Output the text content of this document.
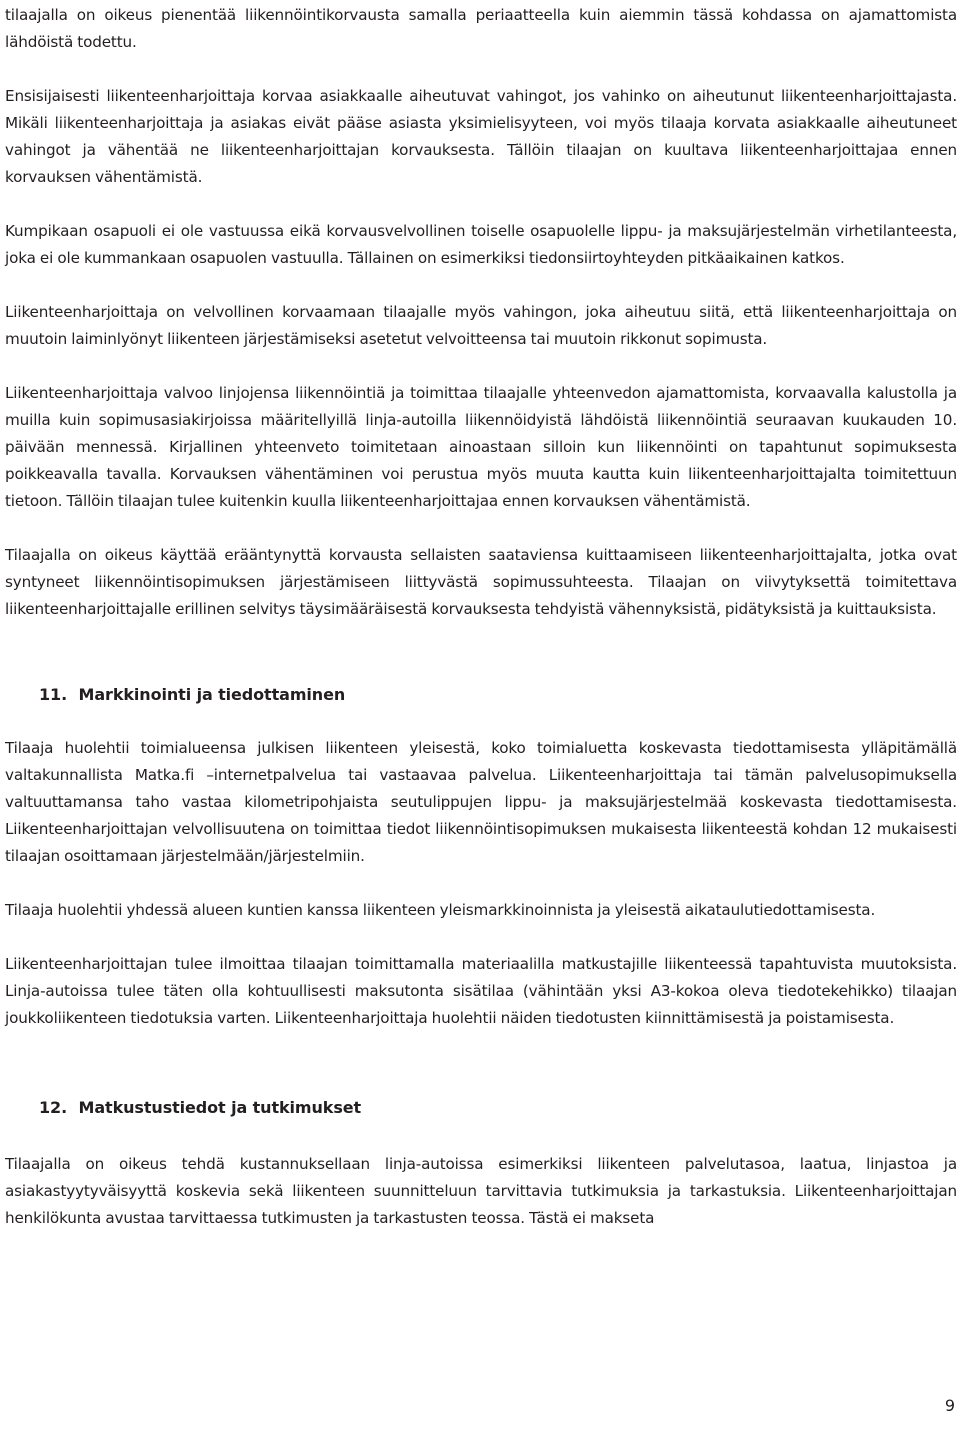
tilaajalla on oikeus pienentää liikennöintikorvausta samalla periaatteella kuin aiemmin tässä kohdassa on ajamattomista lähdöistä todettu.

Ensisijaisesti liikenteenharjoittaja korvaa asiakkaalle aiheutuvat vahingot, jos vahinko on aiheutunut liikenteenharjoittajasta. Mikäli liikenteenharjoittaja ja asiakas eivät pääse asiasta yksimielisyyteen, voi myös tilaaja korvata asiakkaalle aiheutuneet vahingot ja vähentää ne liikenteenharjoittajan korvauksesta. Tällöin tilaajan on kuultava liikenteenharjoittajaa ennen korvauksen vähentämistä.

Kumpikaan osapuoli ei ole vastuussa eikä korvausvelvollinen toiselle osapuolelle lippu- ja maksujärjestelmän virhetilanteesta, joka ei ole kummankaan osapuolen vastuulla. Tällainen on esimerkiksi tiedonsiirtoyhteyden pitkäaikainen katkos.

Liikenteenharjoittaja on velvollinen korvaamaan tilaajalle myös vahingon, joka aiheutuu siitä, että liikenteenharjoittaja on muutoin laiminlyönyt liikenteen järjestämiseksi asetetut velvoitteensa tai muutoin rikkonut sopimusta.

Liikenteenharjoittaja valvoo linjojensa liikennöintiä ja toimittaa tilaajalle yhteenvedon ajamattomista, korvaavalla kalustolla ja muilla kuin sopimusasiakirjoissa määritellyillä linja-autoilla liikennöidyistä lähdöistä liikennöintiä seuraavan kuukauden 10. päivään mennessä. Kirjallinen yhteenveto toimitetaan ainoastaan silloin kun liikennöinti on tapahtunut sopimuksesta poikkeavalla tavalla. Korvauksen vähentäminen voi perustua myös muuta kautta kuin liikenteenharjoittajalta toimitettuun tietoon. Tällöin tilaajan tulee kuitenkin kuulla liikenteenharjoittajaa ennen korvauksen vähentämistä.

Tilaajalla on oikeus käyttää erääntynyttä korvausta sellaisten saataviensa kuittaamiseen liikenteenharjoittajalta, jotka ovat syntyneet liikennöintisopimuksen järjestämiseen liittyvästä sopimussuhteesta. Tilaajan on viivytyksettä toimitettava liikenteenharjoittajalle erillinen selvitys täysimääräisestä korvauksesta tehdyistä vähennyksistä, pidätyksistä ja kuittauksista.

11. Markkinointi ja tiedottaminen

Tilaaja huolehtii toimialueensa julkisen liikenteen yleisestä, koko toimialuetta koskevasta tiedottamisesta ylläpitämällä valtakunnallista Matka.fi –internetpalvelua tai vastaavaa palvelua. Liikenteenharjoittaja tai tämän palvelusopimuksella valtuuttamansa taho vastaa kilometripohjaista seutulippujen lippu- ja maksujärjestelmää koskevasta tiedottamisesta. Liikenteenharjoittajan velvollisuutena on toimittaa tiedot liikennöintisopimuksen mukaisesta liikenteestä kohdan 12 mukaisesti tilaajan osoittamaan järjestelmään/järjestelmiin.

Tilaaja huolehtii yhdessä alueen kuntien kanssa liikenteen yleismarkkinoinnista ja yleisestä aikataulutiedottamisesta.

Liikenteenharjoittajan tulee ilmoittaa tilaajan toimittamalla materiaalilla matkustajille liikenteessä tapahtuvista muutoksista. Linja-autoissa tulee täten olla kohtuullisesti maksutonta sisätilaa (vähintään yksi A3-kokoa oleva tiedotekehikko) tilaajan joukkoliikenteen tiedotuksia varten. Liikenteenharjoittaja huolehtii näiden tiedotusten kiinnittämisestä ja poistamisesta.

12. Matkustustiedot ja tutkimukset

Tilaajalla on oikeus tehdä kustannuksellaan linja-autoissa esimerkiksi liikenteen palvelutasoa, laatua, linjastoa ja asiakastyytyväisyyttä koskevia sekä liikenteen suunnitteluun tarvittavia tutkimuksia ja tarkastuksia. Liikenteenharjoittajan henkilökunta avustaa tarvittaessa tutkimusten ja tarkastusten teossa. Tästä ei makseta

9
